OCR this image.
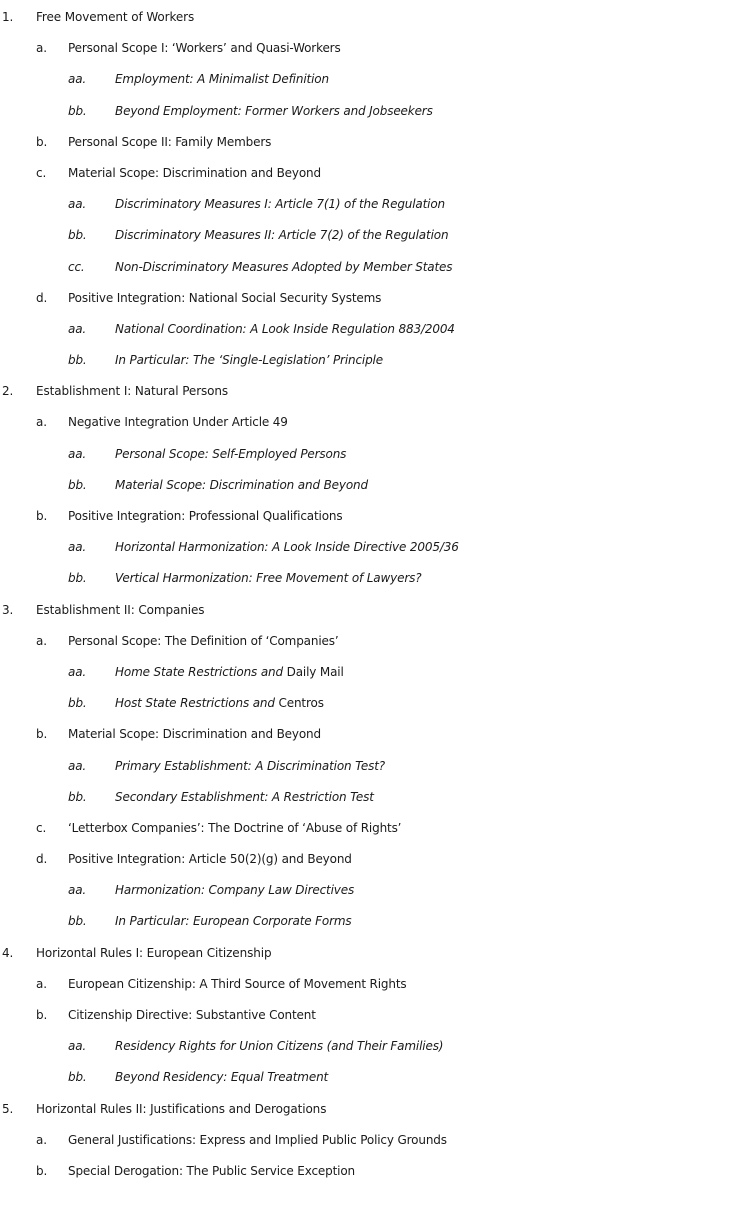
1. Free Movement of Workers
a. Personal Scope I: ‘Workers’ and Quasi-Workers
aa. Employment: A Minimalist Definition
bb. Beyond Employment: Former Workers and Jobseekers
b. Personal Scope II: Family Members
c. Material Scope: Discrimination and Beyond
aa. Discriminatory Measures I: Article 7(1) of the Regulation
bb. Discriminatory Measures II: Article 7(2) of the Regulation
cc.	Non-Discriminatory Measures Adopted by Member States
d. Positive Integration: National Social Security Systems
aa. National Coordination: A Look Inside Regulation 883/2004
bb. In Particular: The ‘Single-Legislation’ Principle
2. Establishment I: Natural Persons
a. Negative Integration Under Article 49
aa. Personal Scope: Self-Employed Persons
bb. Material Scope: Discrimination and Beyond
b. Positive Integration: Professional Qualifications
aa. Horizontal Harmonization: A Look Inside Directive 2005/36
bb. Vertical Harmonization: Free Movement of Lawyers?
3. Establishment II: Companies
a. Personal Scope: The Definition of ‘Companies’
aa. Home State Restrictions and Daily Mail
bb. Host State Restrictions and Centros
b. Material Scope: Discrimination and Beyond
aa. Primary Establishment: A Discrimination Test?
bb. Secondary Establishment: A Restriction Test
c. ‘Letterbox Companies’: The Doctrine of ‘Abuse of Rights’
d. Positive Integration: Article 50(2)(g) and Beyond
aa. Harmonization: Company Law Directives
bb. In Particular: European Corporate Forms
4. Horizontal Rules I: European Citizenship
a. European Citizenship: A Third Source of Movement Rights
b. Citizenship Directive: Substantive Content
aa. Residency Rights for Union Citizens (and Their Families)
bb. Beyond Residency: Equal Treatment
5. Horizontal Rules II: Justifications and Derogations
a. General Justifications: Express and Implied Public Policy Grounds
b. Special Derogation: The Public Service Exception
